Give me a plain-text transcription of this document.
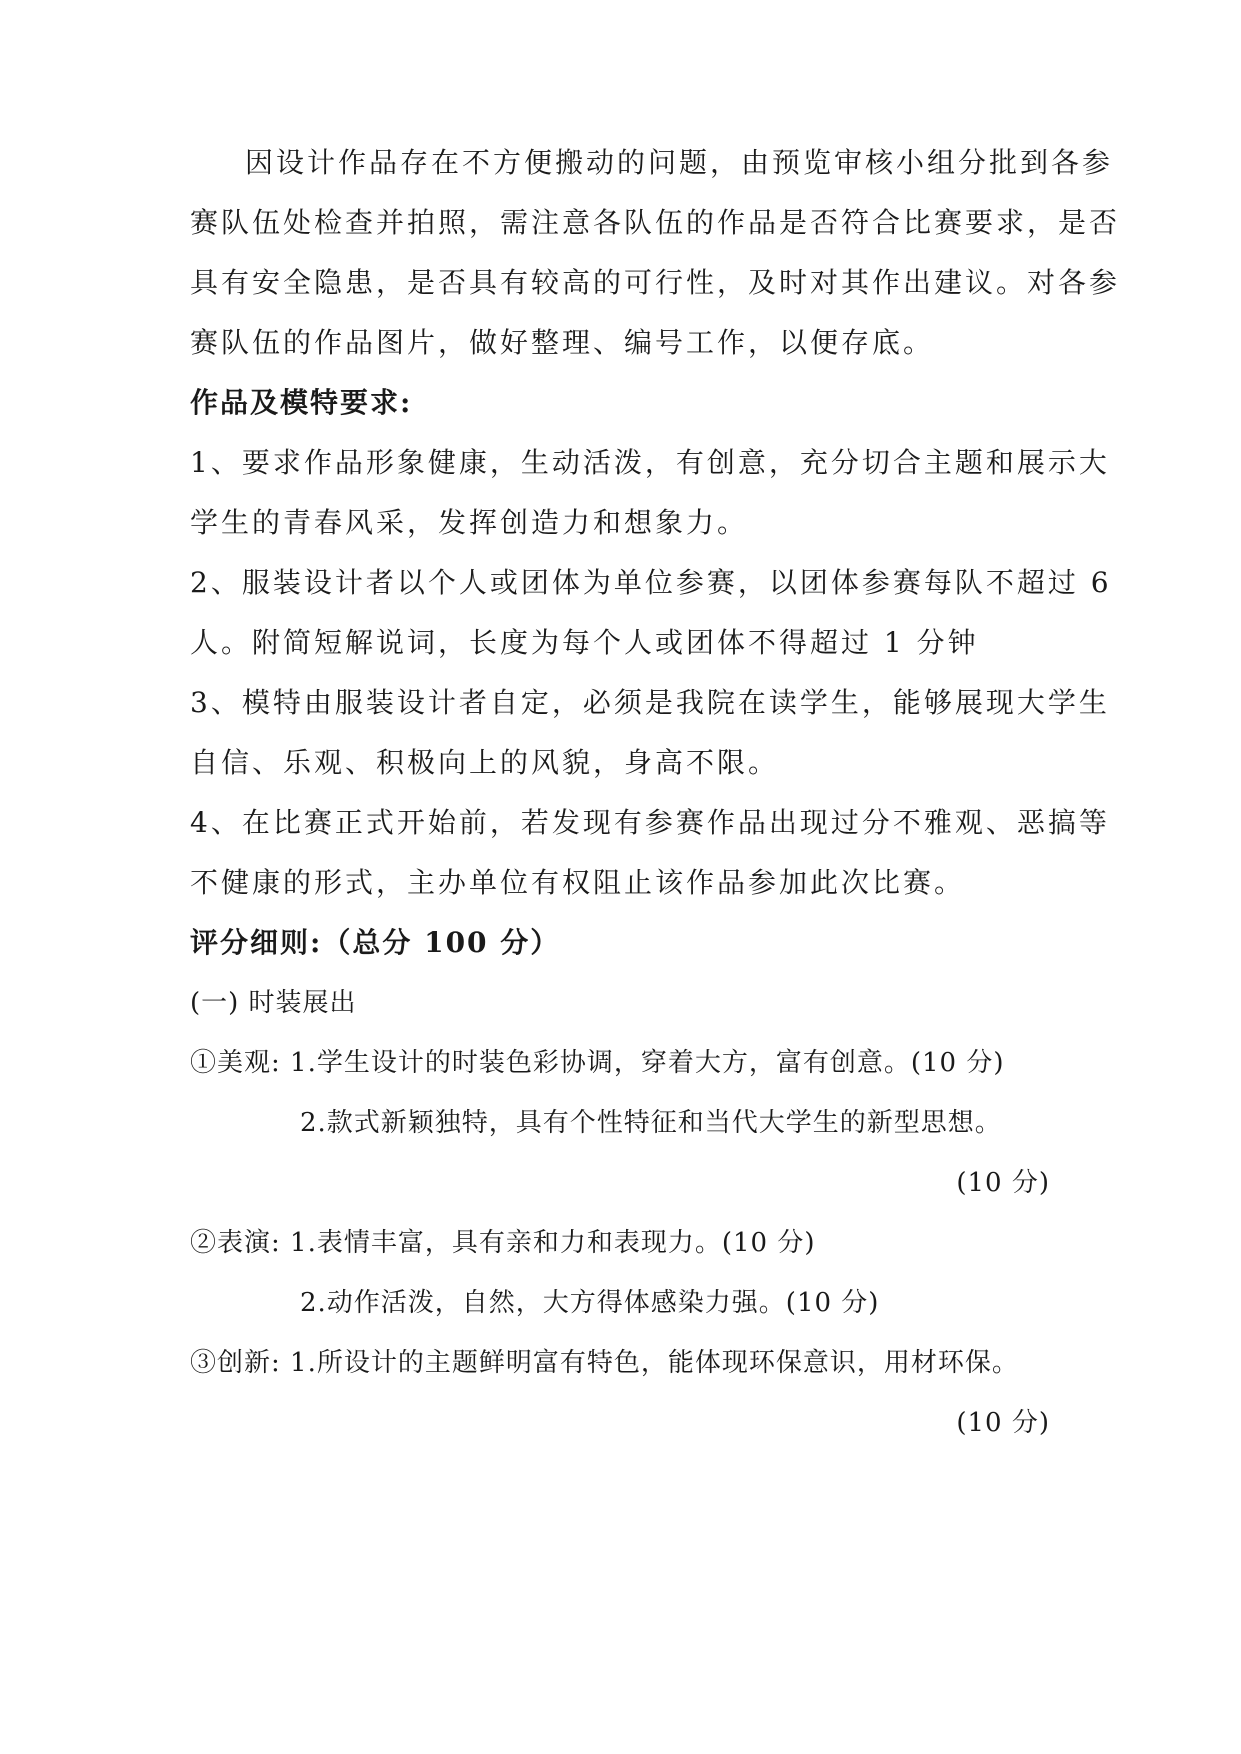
因设计作品存在不方便搬动的问题，由预览审核小组分批到各参
赛队伍处检查并拍照，需注意各队伍的作品是否符合比赛要求，是否
具有安全隐患，是否具有较高的可行性，及时对其作出建议。对各参
赛队伍的作品图片，做好整理、编号工作，以便存底。
作品及模特要求:
1、要求作品形象健康，生动活泼，有创意，充分切合主题和展示大
学生的青春风采，发挥创造力和想象力。
2、服装设计者以个人或团体为单位参赛，以团体参赛每队不超过 6
人。附简短解说词，长度为每个人或团体不得超过 1 分钟
3、模特由服装设计者自定，必须是我院在读学生，能够展现大学生
自信、乐观、积极向上的风貌，身高不限。
4、在比赛正式开始前，若发现有参赛作品出现过分不雅观、恶搞等
不健康的形式，主办单位有权阻止该作品参加此次比赛。
评分细则:（总分 100 分）
(一) 时装展出
①美观: 1.学生设计的时装色彩协调，穿着大方，富有创意。(10 分)
2.款式新颖独特，具有个性特征和当代大学生的新型思想。
(10 分)
②表演: 1.表情丰富，具有亲和力和表现力。(10 分)
2.动作活泼，自然，大方得体感染力强。(10 分)
③创新: 1.所设计的主题鲜明富有特色，能体现环保意识，用材环保。
(10 分)
